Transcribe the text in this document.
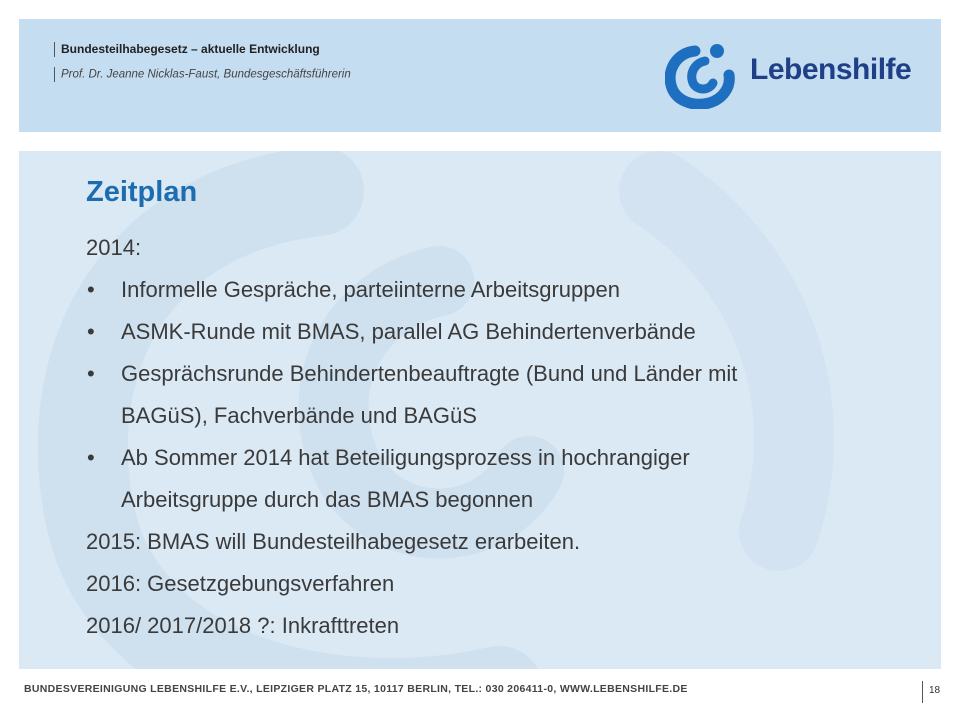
Bundesteilhabegesetz – aktuelle Entwicklung
Prof. Dr. Jeanne Nicklas-Faust, Bundesgeschäftsführerin	Lebenshilfe
Zeitplan
2014:
• Informelle Gespräche, parteiinterne Arbeitsgruppen
• ASMK-Runde mit BMAS, parallel AG Behindertenverbände
• Gesprächsrunde Behindertenbeauftragte (Bund und Länder mit
BAGüS), Fachverbände und BAGüS
• Ab Sommer 2014 hat Beteiligungsprozess in hochrangiger
Arbeitsgruppe durch das BMAS begonnen
2015: BMAS will Bundesteilhabegesetz erarbeiten.
2016: Gesetzgebungsverfahren
2016/ 2017/2018 ?: Inkrafttreten
BUNDESVEREINIGUNG LEBENSHILFE E.V., LEIPZIGER PLATZ 15, 10117 BERLIN, TEL.: 030 206411-0, WWW.LEBENSHILFE.DE	18
